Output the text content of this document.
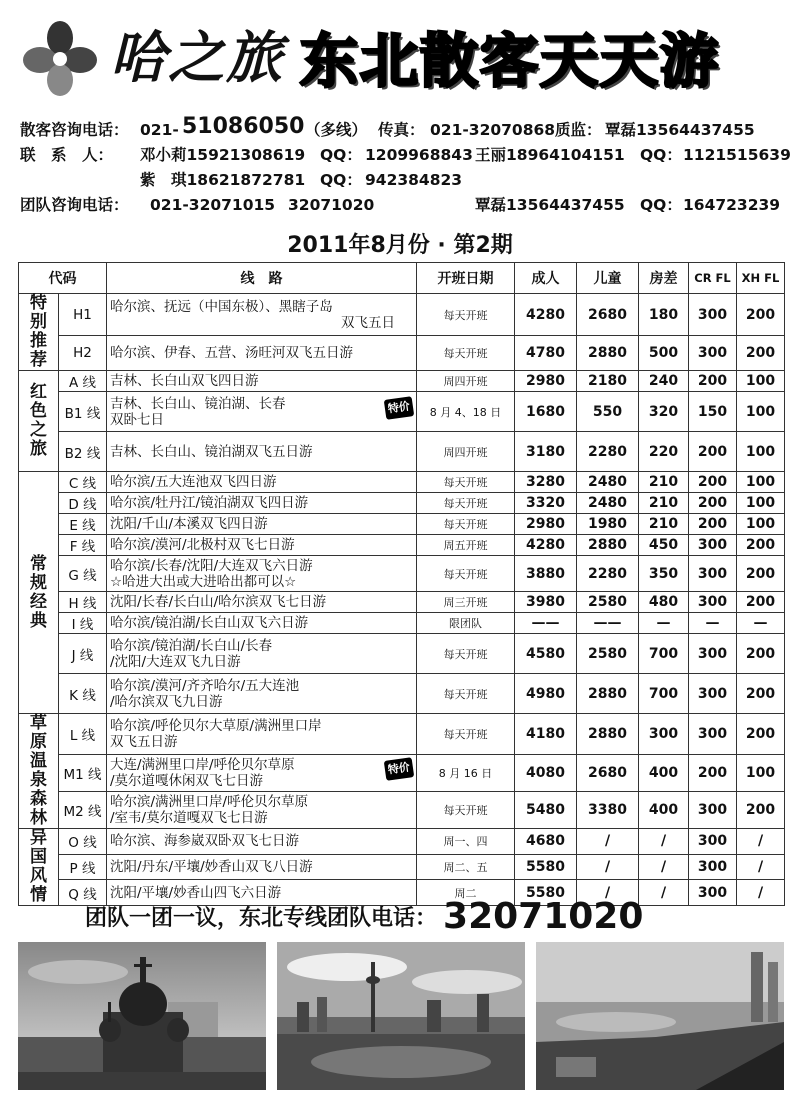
哈之旅 东北散客天天游
散客咨询电话： 021- 51086050 （多线） 传真： 021-32070868 质监： 覃磊13564437455
联　系　人： 邓小莉15921308619 QQ： 1209968843 王丽18964104151 QQ： 1121515639
紫　琪18621872781 QQ： 942384823
团队咨询电话： 021-32071015 32071020	覃磊13564437455 QQ： 164723239
2011年8月份 · 第2期
代码		线　路	开班日期	成人	儿童	房差	CR FL	XH FL
特别推荐	H1	哈尔滨、抚远（中国东极）、黑瞎子岛
双飞五日	每天开班	4280	2680	180	300	200
	H2	哈尔滨、伊春、五营、汤旺河双飞五日游	每天开班	4780	2880	500	300	200
红色之旅	A 线	吉林、长白山双飞四日游	周四开班	2980	2180	240	200	100
	B1 线	特价
吉林、长白山、镜泊湖、长春
双卧七日	8 月 4、18 日	1680	550	320	150	100
	B2 线	吉林、长白山、镜泊湖双飞五日游	周四开班	3180	2280	220	200	100
常规经典	C 线	哈尔滨/五大连池双飞四日游	每天开班	3280	2480	210	200	100
	D 线	哈尔滨/牡丹江/镜泊湖双飞四日游	每天开班	3320	2480	210	200	100
	E 线	沈阳/千山/本溪双飞四日游	每天开班	2980	1980	210	200	100
	F 线	哈尔滨/漠河/北极村双飞七日游	周五开班	4280	2880	450	300	200
	G 线	哈尔滨/长春/沈阳/大连双飞六日游
☆哈进大出或大进哈出都可以☆	每天开班	3880	2280	350	300	200
	H 线	沈阳/长春/长白山/哈尔滨双飞七日游	周三开班	3980	2580	480	300	200
	I 线	哈尔滨/镜泊湖/长白山双飞六日游	限团队	——	——	—	—	—
	J 线	哈尔滨/镜泊湖/长白山/长春
/沈阳/大连双飞九日游	每天开班	4580	2580	700	300	200
	K 线	哈尔滨/漠河/齐齐哈尔/五大连池
/哈尔滨双飞九日游	每天开班	4980	2880	700	300	200
草原温泉森林	L 线	哈尔滨/呼伦贝尔大草原/满洲里口岸
双飞五日游	每天开班	4180	2880	300	300	200
	M1 线	特价
大连/满洲里口岸/呼伦贝尔草原
/莫尔道嘎休闲双飞七日游	8 月 16 日	4080	2680	400	200	100
	M2 线	哈尔滨/满洲里口岸/呼伦贝尔草原
/室韦/莫尔道嘎双飞七日游	每天开班	5480	3380	400	300	200
异国风情	O 线	哈尔滨、海参崴双卧双飞七日游	周一、四	4680	/	/	300	/
	P 线	沈阳/丹东/平壤/妙香山双飞八日游	周二、五	5580	/	/	300	/
	Q 线	沈阳/平壤/妙香山四飞六日游	周二	5580	/	/	300	/
团队一团一议，东北专线团队电话： 32071020
